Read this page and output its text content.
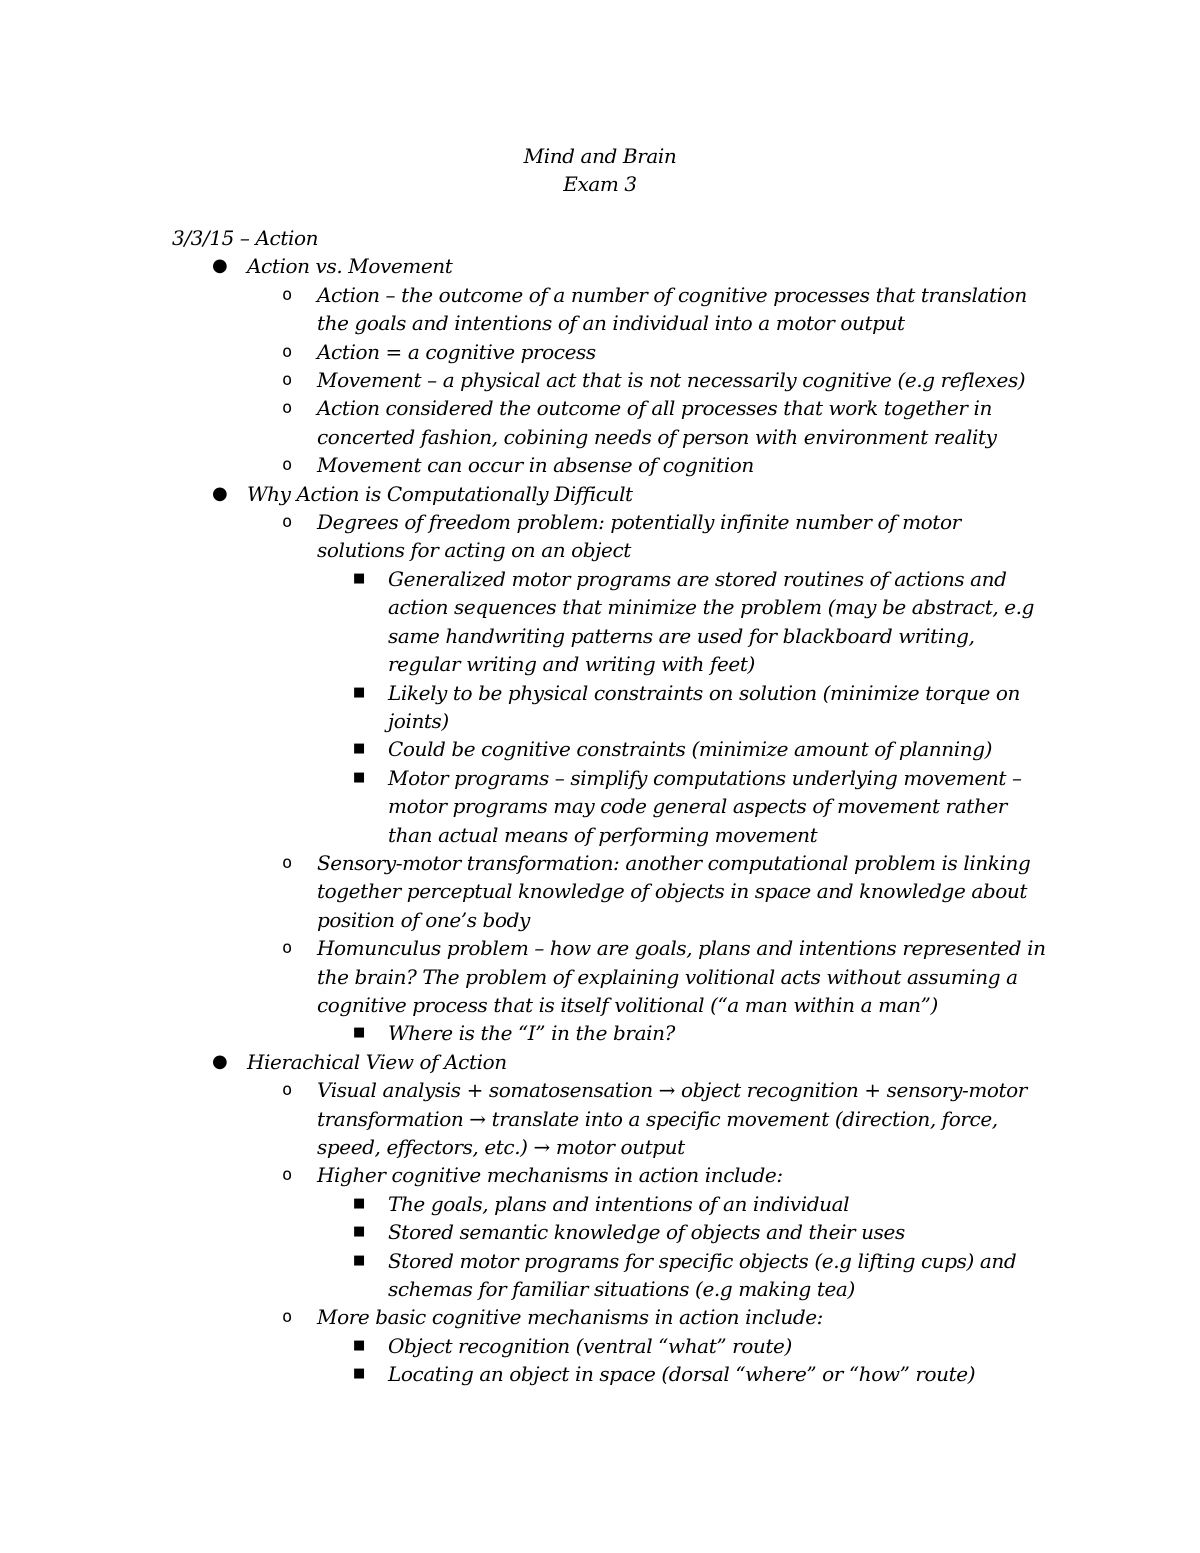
Mind and Brain
Exam 3
3/3/15 – Action
● Action vs. Movement
o Action – the outcome of a number of cognitive processes that translation the goals and intentions of an individual into a motor output
o Action = a cognitive process
o Movement – a physical act that is not necessarily cognitive (e.g reflexes)
o Action considered the outcome of all processes that work together in concerted fashion, cobining needs of person with environment reality
o Movement can occur in absense of cognition
● Why Action is Computationally Difficult
o Degrees of freedom problem: potentially infinite number of motor solutions for acting on an object
■ Generalized motor programs are stored routines of actions and action sequences that minimize the problem (may be abstract, e.g same handwriting patterns are used for blackboard writing, regular writing and writing with feet)
■ Likely to be physical constraints on solution (minimize torque on joints)
■ Could be cognitive constraints (minimize amount of planning)
■ Motor programs – simplify computations underlying movement – motor programs may code general aspects of movement rather than actual means of performing movement
o Sensory-motor transformation: another computational problem is linking together perceptual knowledge of objects in space and knowledge about position of one’s body
o Homunculus problem – how are goals, plans and intentions represented in the brain? The problem of explaining volitional acts without assuming a cognitive process that is itself volitional (“a man within a man”)
■ Where is the “I” in the brain?
● Hierachical View of Action
o Visual analysis + somatosensation → object recognition + sensory-motor transformation → translate into a specific movement (direction, force, speed, effectors, etc.) → motor output
o Higher cognitive mechanisms in action include:
■ The goals, plans and intentions of an individual
■ Stored semantic knowledge of objects and their uses
■ Stored motor programs for specific objects (e.g lifting cups) and schemas for familiar situations (e.g making tea)
o More basic cognitive mechanisms in action include:
■ Object recognition (ventral “what” route)
■ Locating an object in space (dorsal “where” or “how” route)
